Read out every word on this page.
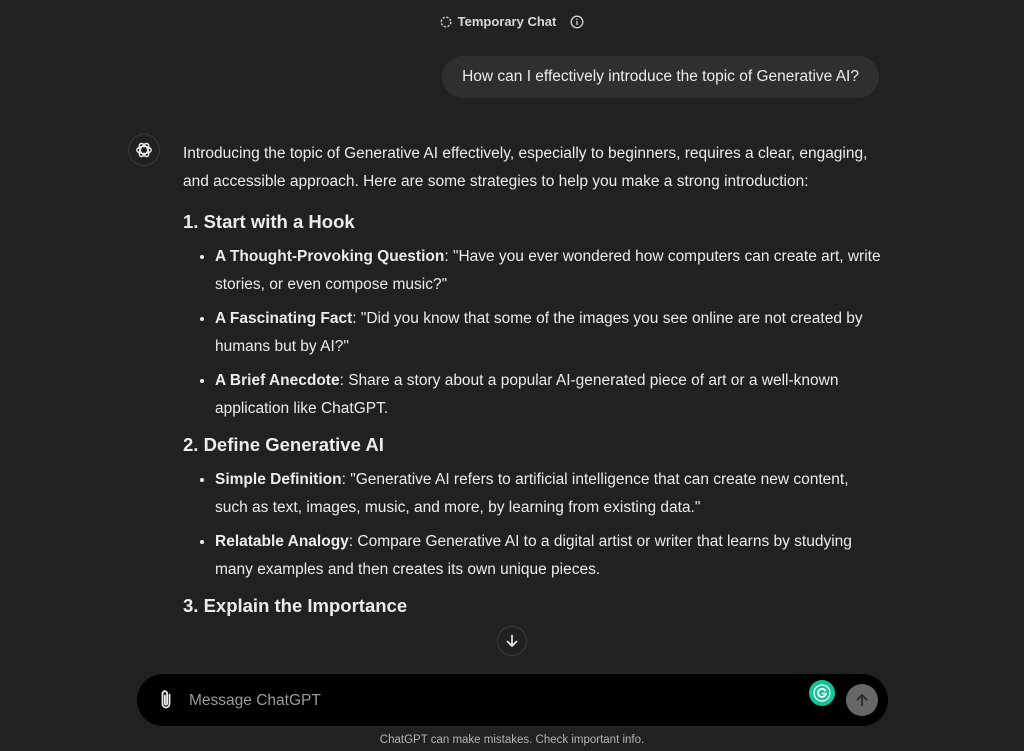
Temporary Chat
How can I effectively introduce the topic of Generative AI?

Introducing the topic of Generative AI effectively, especially to beginners, requires a clear, engaging, and accessible approach. Here are some strategies to help you make a strong introduction:

1. Start with a Hook
• A Thought-Provoking Question: "Have you ever wondered how computers can create art, write stories, or even compose music?"
• A Fascinating Fact: "Did you know that some of the images you see online are not created by humans but by AI?"
• A Brief Anecdote: Share a story about a popular AI-generated piece of art or a well-known application like ChatGPT.
2. Define Generative AI
• Simple Definition: "Generative AI refers to artificial intelligence that can create new content, such as text, images, music, and more, by learning from existing data."
• Relatable Analogy: Compare Generative AI to a digital artist or writer that learns by studying many examples and then creates its own unique pieces.
3. Explain the Importance
Message ChatGPT
ChatGPT can make mistakes. Check important info.
